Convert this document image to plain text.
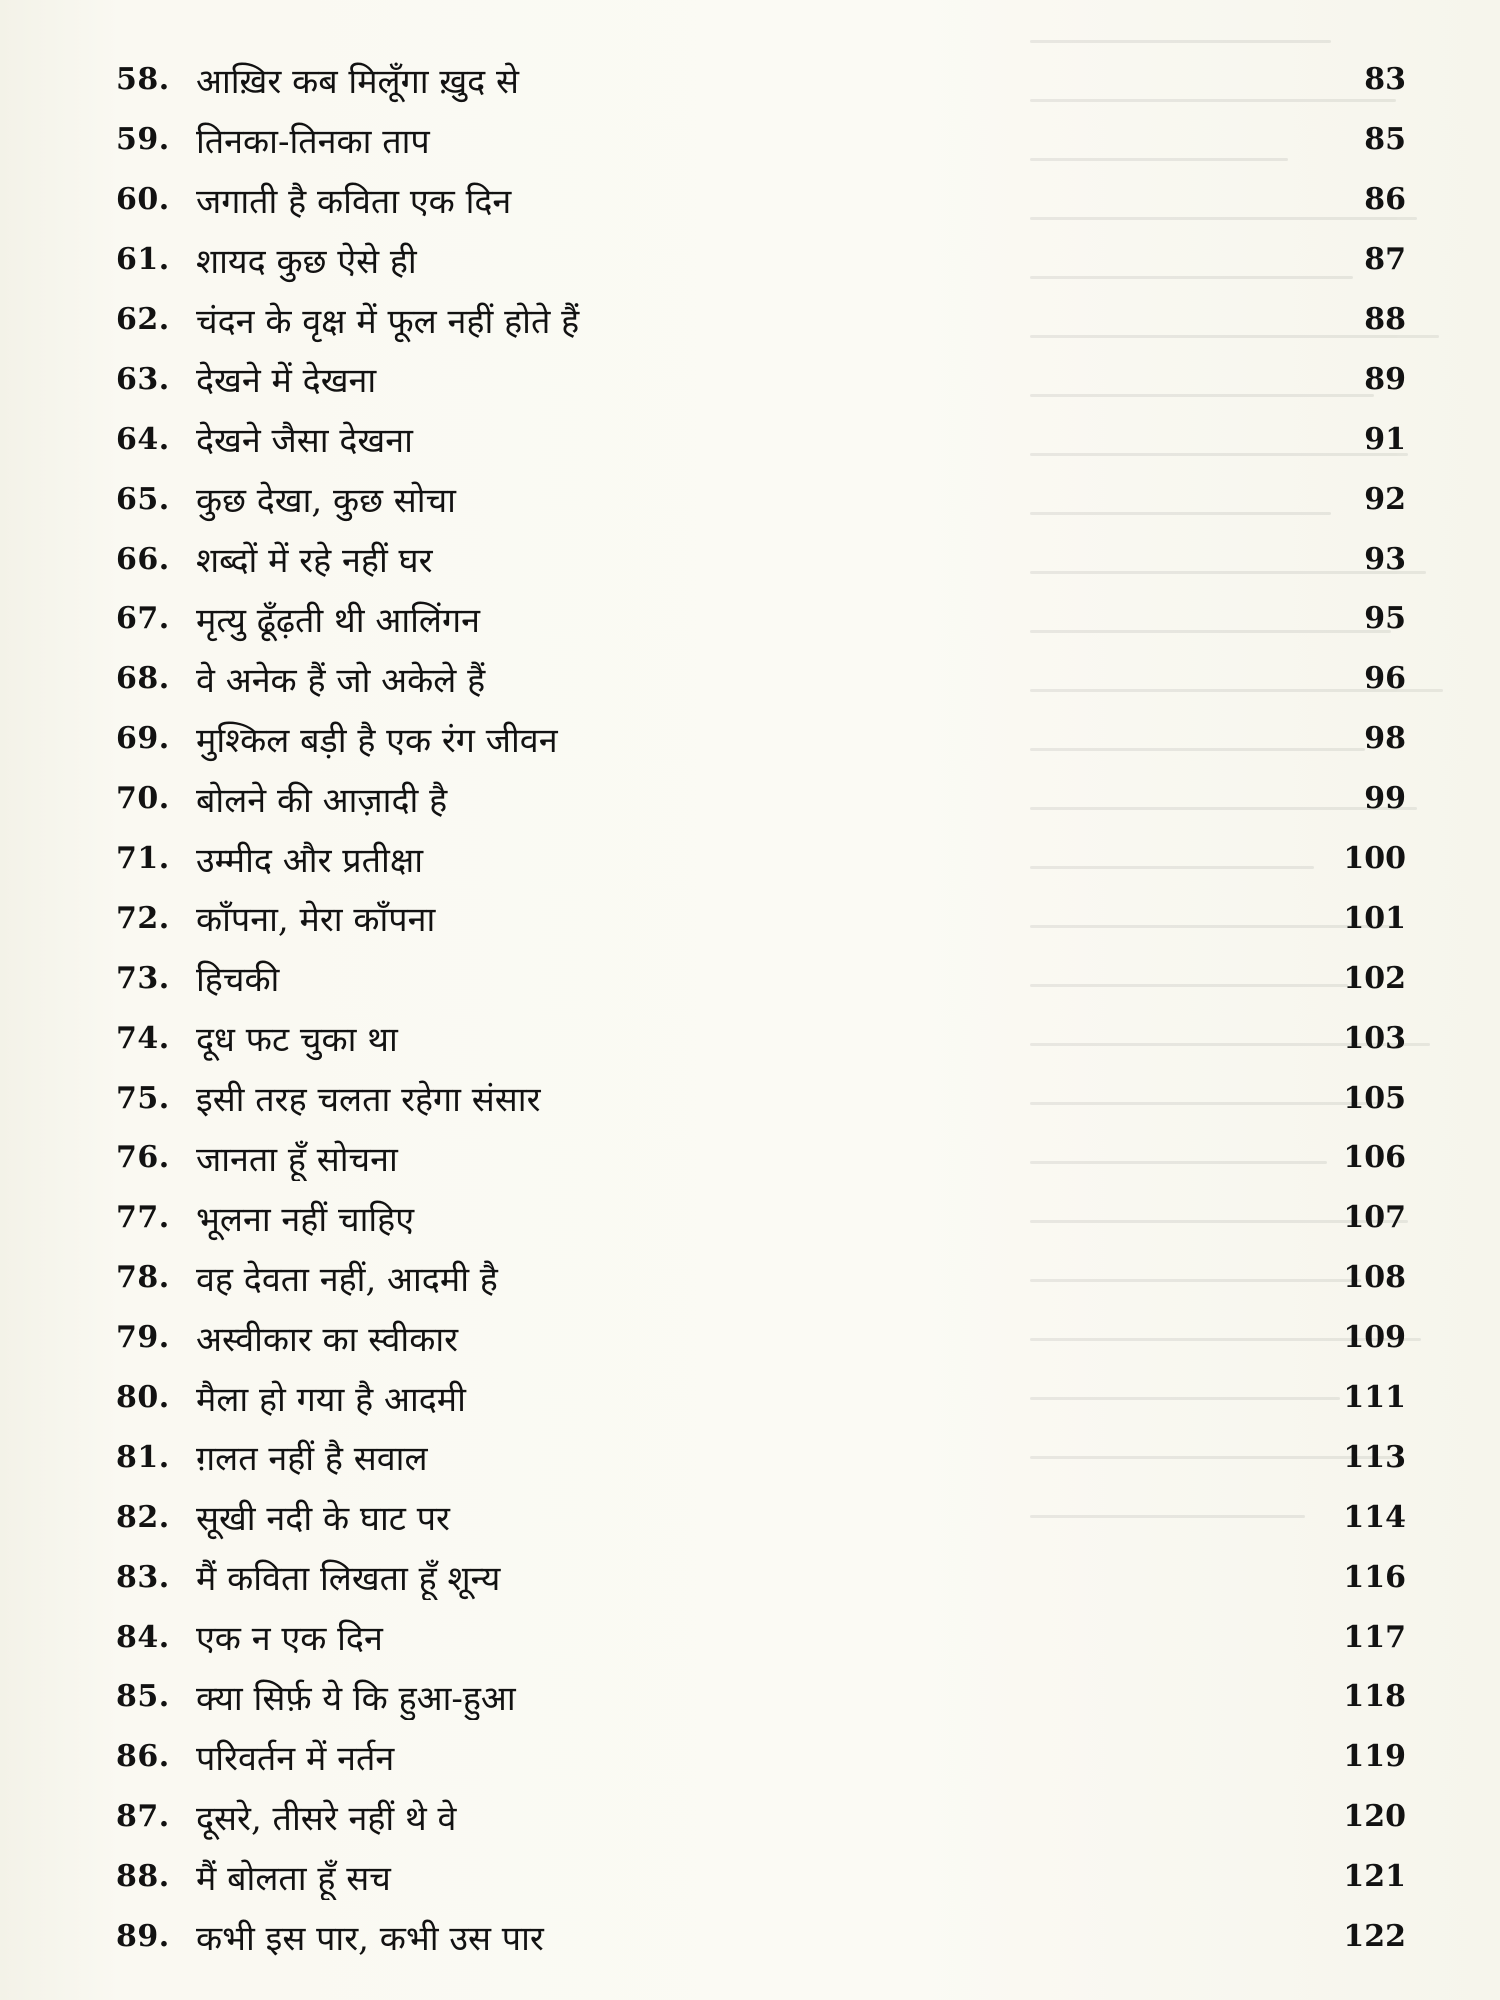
58. आख़िर कब मिलूँगा ख़ुद से	83
59. तिनका-तिनका ताप	85
60. जगाती है कविता एक दिन	86
61. शायद कुछ ऐसे ही	87
62. चंदन के वृक्ष में फूल नहीं होते हैं	88
63. देखने में देखना	89
64. देखने जैसा देखना	91
65. कुछ देखा, कुछ सोचा	92
66. शब्दों में रहे नहीं घर	93
67. मृत्यु ढूँढ़ती थी आलिंगन	95
68. वे अनेक हैं जो अकेले हैं	96
69. मुश्किल बड़ी है एक रंग जीवन	98
70. बोलने की आज़ादी है	99
71. उम्मीद और प्रतीक्षा	100
72. काँपना, मेरा काँपना	101
73. हिचकी	102
74. दूध फट चुका था	103
75. इसी तरह चलता रहेगा संसार	105
76. जानता हूँ सोचना	106
77. भूलना नहीं चाहिए	107
78. वह देवता नहीं, आदमी है	108
79. अस्वीकार का स्वीकार	109
80. मैला हो गया है आदमी	111
81. ग़लत नहीं है सवाल	113
82. सूखी नदी के घाट पर	114
83. मैं कविता लिखता हूँ शून्य	116
84. एक न एक दिन	117
85. क्या सिर्फ़ ये कि हुआ-हुआ	118
86. परिवर्तन में नर्तन	119
87. दूसरे, तीसरे नहीं थे वे	120
88. मैं बोलता हूँ सच	121
89. कभी इस पार, कभी उस पार	122
